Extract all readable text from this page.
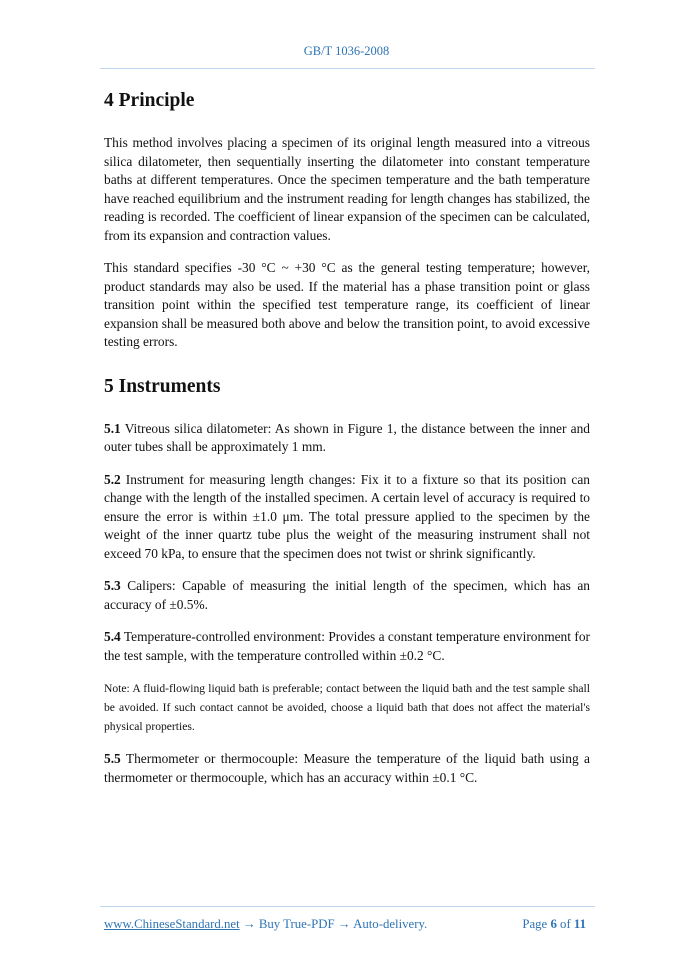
GB/T 1036-2008
4 Principle

This method involves placing a specimen of its original length measured into a vitreous silica dilatometer, then sequentially inserting the dilatometer into constant temperature baths at different temperatures. Once the specimen temperature and the bath temperature have reached equilibrium and the instrument reading for length changes has stabilized, the reading is recorded. The coefficient of linear expansion of the specimen can be calculated, from its expansion and contraction values.

This standard specifies -30 °C ~ +30 °C as the general testing temperature; however, product standards may also be used. If the material has a phase transition point or glass transition point within the specified test temperature range, its coefficient of linear expansion shall be measured both above and below the transition point, to avoid excessive testing errors.

5 Instruments

5.1 Vitreous silica dilatometer: As shown in Figure 1, the distance between the inner and outer tubes shall be approximately 1 mm.

5.2 Instrument for measuring length changes: Fix it to a fixture so that its position can change with the length of the installed specimen. A certain level of accuracy is required to ensure the error is within ±1.0 μm. The total pressure applied to the specimen by the weight of the inner quartz tube plus the weight of the measuring instrument shall not exceed 70 kPa, to ensure that the specimen does not twist or shrink significantly.

5.3 Calipers: Capable of measuring the initial length of the specimen, which has an accuracy of ±0.5%.

5.4 Temperature-controlled environment: Provides a constant temperature environment for the test sample, with the temperature controlled within ±0.2 °C.

Note: A fluid-flowing liquid bath is preferable; contact between the liquid bath and the test sample shall be avoided. If such contact cannot be avoided, choose a liquid bath that does not affect the material's physical properties.

5.5 Thermometer or thermocouple: Measure the temperature of the liquid bath using a thermometer or thermocouple, which has an accuracy within ±0.1 °C.

www.ChineseStandard.net → Buy True-PDF → Auto-delivery.	Page 6 of 11
